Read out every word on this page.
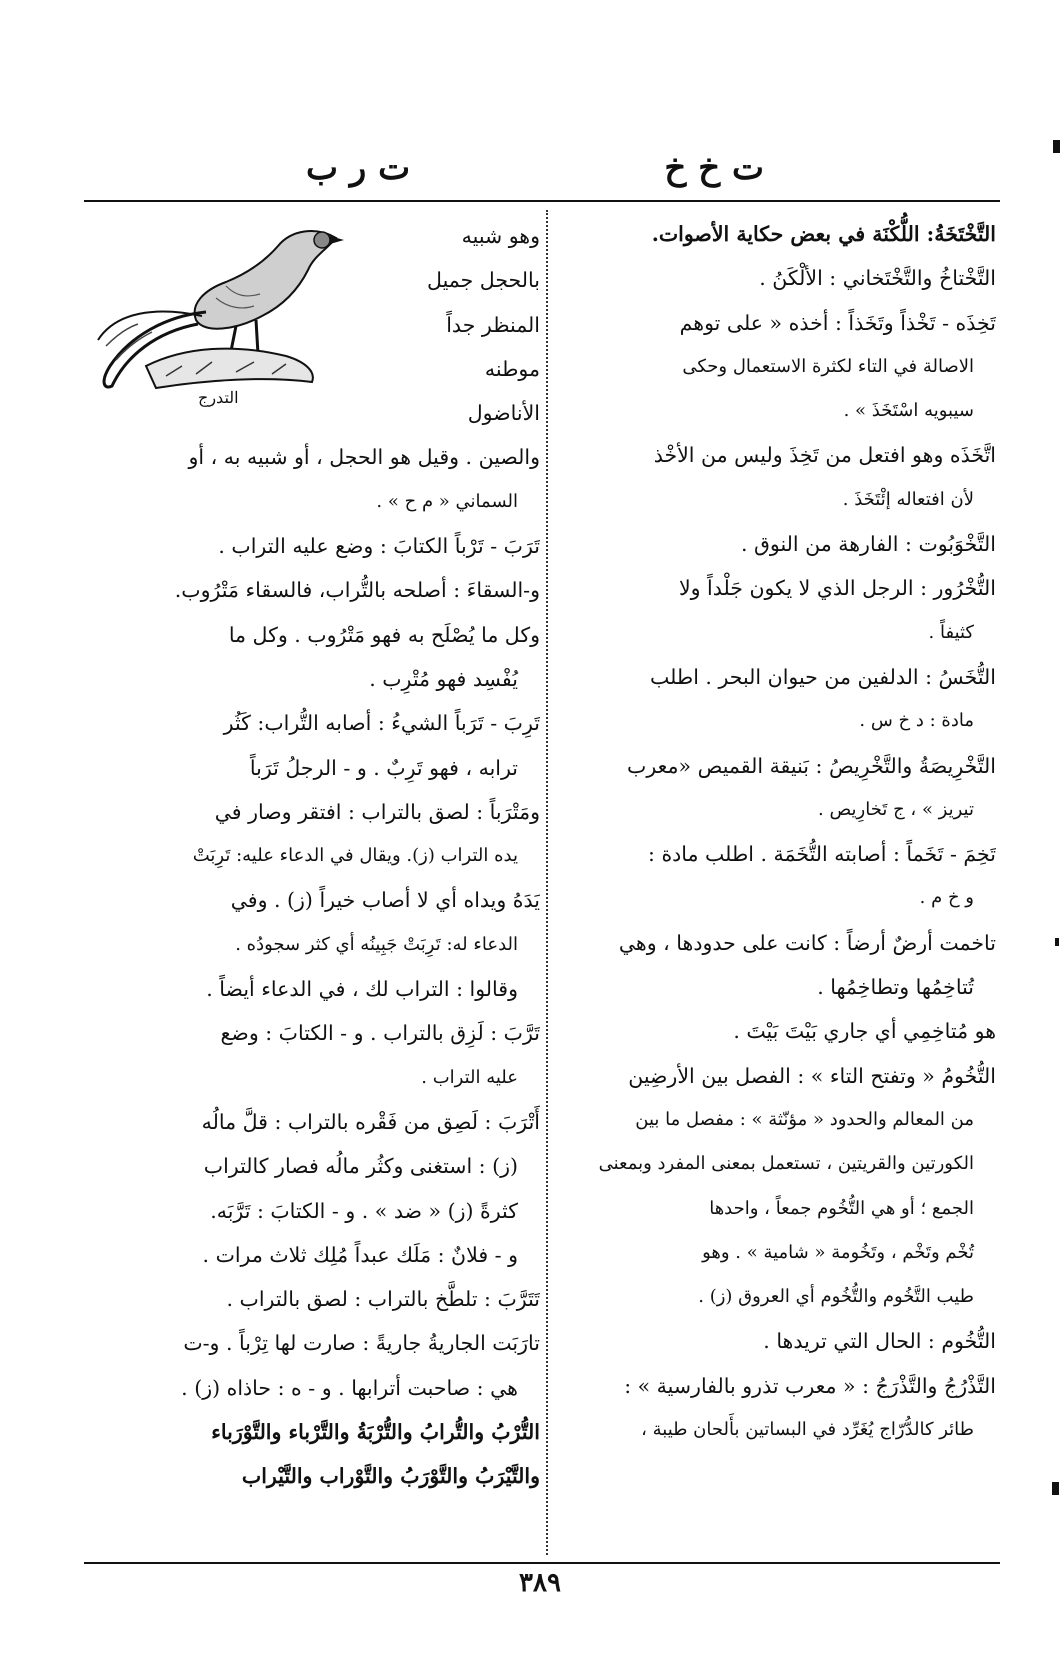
ت خ خ
ت ر ب
التَّخْتَخَةُ: اللُّكْنَة في بعض حكاية الأصوات.
التَّخْتاخُ والتَّخْتَخاني : الألْكَنُ .
تَخِذَه - تَخْذاً وتَخَذاً : أخذه « على توهم
الاصالة في التاء لكثرة الاستعمال وحكى
سيبويه اسْتَخَذَ » .
اتَّخَذَه وهو افتعل من تَخِذَ وليس من الأخْذ
لأن افتعاله إئْتَخَذَ .
التَّخْوَبُوت : الفارهة من النوق .
التُّخْرُور : الرجل الذي لا يكون جَلْداً ولا
كثيفاً .
التُّخَسُ : الدلفين من حيوان البحر . اطلب
مادة : د خ س .
التَّخْرِيصَةُ والتَّخْرِيصُ : بَنيقة القميص «معرب
تيريز » ، ج تَخارِيص .
تَخِمَ - تَخَماً : أصابته التُّخَمَة . اطلب مادة :
و خ م .
تاخمت أرضٌ أرضاً : كانت على حدودها ، وهي
تُتاخِمُها وتطاخِمُها .
هو مُتاخِمِي أي جاري بَيْتَ بَيْتَ .
التُّخُومُ « وتفتح التاء » : الفصل بين الأرضِين
من المعالم والحدود « مؤنّثة » : مفصل ما بين
الكورتين والقريتين ، تستعمل بمعنى المفرد وبمعنى
الجمع ؛ أو هي التُّخُوم جمعاً ، واحدها
تُخْم وتَخْم ، وتَخُومة « شامية » . وهو
طيب التَّخُوم والتُّخُوم أي العروق (ز) .
التُّخُوم : الحال التي تريدها .
التَّذْرُجُ والتَّذْرَجُ : « معرب تذرو بالفارسية » :
طائر كالدُّرّاج يُغَرِّد في البساتين بأَلحان طيبة ،
التدرج
وهو شبيه
بالحجل جميل
المنظر جداً
موطنه
الأناضول
والصين . وقيل هو الحجل ، أو شبيه به ، أو
السماني « م ح » .
تَرَبَ - تَرْباً الكتابَ : وضع عليه التراب .
و-السقاءَ : أصلحه بالتُّراب، فالسقاء مَتْرُوب.
وكل ما يُصْلَح به فهو مَتْرُوب . وكل ما
يُفْسِد فهو مُتْرِب .
تَرِبَ - تَرَباً الشيءُ : أصابه التُّراب: كَثُر
ترابه ، فهو تَرِبٌ . و - الرجلُ تَرَباً
ومَتْرَباً : لصق بالتراب : افتقر وصار في
يده التراب (ز). ويقال في الدعاء عليه: تَرِبَتْ
يَدَهُ ويداه أي لا أصاب خيراً (ز) . وفي
الدعاء له: تَرِبَتْ جَبِينُه أي كثر سجودُه .
وقالوا : التراب لك ، في الدعاء أيضاً .
تَرَّبَ : لَزِق بالتراب . و - الكتابَ : وضع
عليه التراب .
أَتْرَبَ : لَصِق من فَقْره بالتراب : قلَّ مالُه
(ز) : استغنى وكثُر مالُه فصار كالتراب
كثرةً (ز) « ضد » . و - الكتابَ : تَرَّبَه.
و - فلانٌ : مَلَك عبداً مُلِك ثلاث مرات .
تَتَرَّبَ : تلطَّخ بالتراب : لصق بالتراب .
تارَبَت الجاريةُ جاريةً : صارت لها تِرْباً . و-ت
هي : صاحبت أترابها . و - ه : حاذاه (ز) .
التُّرْبُ والتُّرابُ والتُّرْبَةُ والتَّرْباء والتَّوْرَباء
والتَّيْرَبُ والتَّوْرَبُ والتَّوْراب والتَّيْراب
٣٨٩
